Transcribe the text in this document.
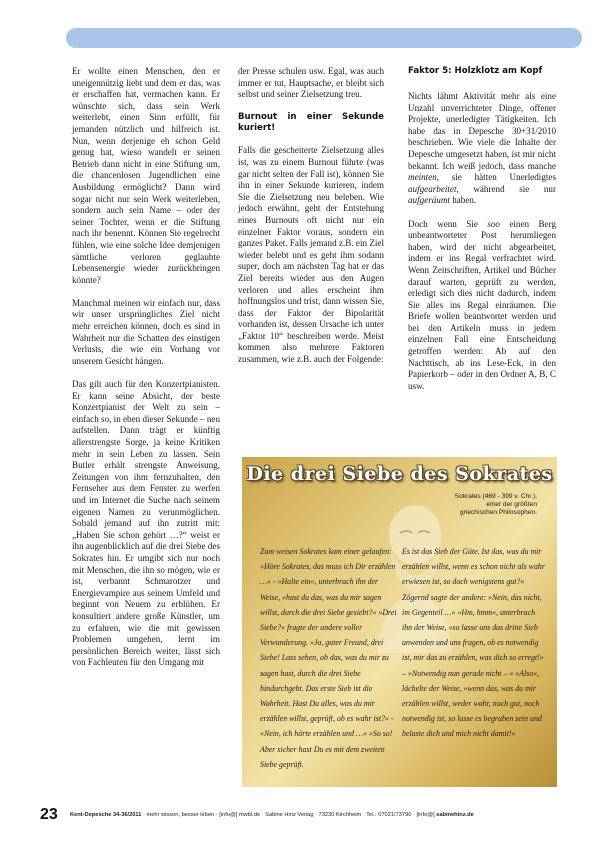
Er wollte einen Menschen, den er uneigennützig liebt und dem er das, was er erschaffen hat, vermachen kann. Er wünschte sich, dass sein Werk weiterlebt, einen Sinn erfüllt, für jemanden nützlich und hilfreich ist. Nun, wenn derjenige eh schon Geld genug hat, wieso wandelt er seinen Betrieb dann nicht in eine Stiftung um, die chancenlosen Jugendlichen eine Ausbildung ermöglicht? Dann wird sogar nicht nur sein Werk weiterleben, sondern auch sein Name – oder der seiner Tochter, wenn er die Stiftung nach ihr benennt. Können Sie regelrecht fühlen, wie eine solche Idee demjenigen sämtliche verloren geglaubte Lebensenergie wieder zurückbringen könnte?

Manchmal meinen wir einfach nur, dass wir unser ursprüngliches Ziel nicht mehr erreichen können, doch es sind in Wahrheit nur die Schatten des einstigen Verlusts, die wie ein Vorhang vor unserem Gesicht hängen.

Das gilt auch für den Konzertpianisten. Er kann seine Absicht, der beste Konzertpianist der Welt zu sein – einfach so, in eben dieser Sekunde – neu aufstellen. Dann trägt er künftig allerstrengste Sorge, ja keine Kritiken mehr in sein Leben zu lassen. Sein Butler erhält strengste Anweisung, Zeitungen von ihm fernzuhalten, den Fernseher aus dem Fenster zu werfen und im Internet die Suche nach seinem eigenen Namen zu verunmöglichen. Sobald jemand auf ihn zutritt mit: „Haben Sie schon gehört …?“ weist er ihn augenblicklich auf die drei Siebe des Sokrates hin. Er umgibt sich nur noch mit Menschen, die ihn so mögen, wie er ist, verbannt Schmarotzer und Energievampire aus seinem Umfeld und beginnt von Neuem zu erblühen. Er konsultiert andere große Künstler, um zu erfahren, wie die mit gewissen Problemen umgehen, lernt im persönlichen Bereich weiter, lässt sich von Fachleuten für den Umgang mit

der Presse schulen usw. Egal, was auch immer er tut, Hauptsache, er bleibt sich selbst und seiner Zielsetzung treu.

Burnout in einer Sekunde kuriert!

Falls die gescheiterte Zielsetzung alles ist, was zu einem Burnout führte (was gar nicht selten der Fall ist), können Sie ihn in einer Sekunde kurieren, indem Sie die Zielsetzung neu beleben. Wie jedoch erwähnt, geht der Entstehung eines Burnouts oft nicht nur ein einzelner Faktor voraus, sondern ein ganzes Paket. Falls jemand z.B. ein Ziel wieder belebt und es geht ihm sodann super, doch am nächsten Tag hat er das Ziel bereits wieder aus den Augen verloren und alles erscheint ihm hoffnungslos und trist, dann wissen Sie, dass der Faktor der Bipolarität vorhanden ist, dessen Ursache ich unter „Faktor 10“ beschreiben werde. Meist kommen also mehrere Faktoren zusammen, wie z.B. auch der Folgende:

Faktor 5: Holzklotz am Kopf

Nichts lähmt Aktivität mehr als eine Unzahl unverrichteter Dinge, offener Projekte, unerledigter Tätigkeiten. Ich habe das in Depesche 30+31/2010 beschrieben. Wie viele die Inhalte der Depesche umgesetzt haben, ist mir nicht bekannt. Ich weiß jedoch, dass manche meinten, sie hätten Unerledigtes aufgearbeitet, während sie nur aufgeräumt haben.

Doch wenn Sie soo einen Berg unbeantworteter Post herumliegen haben, wird der nicht abgearbeitet, indem er ins Regal verfrachtet wird. Wenn Zeitschriften, Artikel und Bücher darauf warten, geprüft zu werden, erledigt sich dies nicht dadurch, indem Sie alles ins Regal einräumen. Die Briefe wollen beantwortet werden und bei den Artikeln muss in jedem einzelnen Fall eine Entscheidung getroffen werden: Ab auf den Nachttisch, ab ins Lese-Eck, in den Papierkorb – oder in den Ordner A, B, C usw.

Die drei Siebe des Sokrates
Sokrates (469 - 399 v. Chr.),
einer der größten
griechischen Philosophen.
Zum weisen Sokrates kam einer gelaufen: »Höre Sokrates, das muss ich Dir erzählen …« - »Halte ein«, unterbrach ihn der Weise, »hast du das, was du mir sagen willst, durch die drei Siebe gesiebt?« »Drei Siebe?« fragte der andere voller Verwunderung. »Ja, guter Freund, drei Siebe! Lass sehen, ob das, was du mir zu sagen hast, durch die drei Siebe hindurchgeht. Das erste Sieb ist die Wahrheit. Hast Du alles, was du mir erzählen willst, geprüft, ob es wahr ist?« - »Nein, ich hörte erzählen und …« »So so! Aber sicher hast Du es mit dem zweiten Siebe geprüft.
Es ist das Sieb der Güte. Ist das, was du mir erzählen willst, wenn es schon nicht als wahr erwiesen ist, so doch wenigstens gut?« Zögernd sagte der andere: »Nein, das nicht, im Gegenteil …« »Hm, hmm«, unterbrach ihn der Weise, »so lasse uns das dritte Sieb anwenden und uns fragen, ob es notwendig ist, mir das zu erzählen, was dich so erregt!« – »Notwendig nun gerade nicht – « »Also«, lächelte der Weise, »wenn das, was du mir erzählen willst, weder wahr, noch gut, noch notwendig ist, so lasse es begraben sein und belaste dich und mich nicht damit!«
23 Kent-Depesche 34-36/2011 · mehr wissen, besser leben · [info@] mwbl.de · Sabine Hinz Verlag · 73230 Kirchheim · Tel.: 07021/73790 · [info@] sabinehinz.de
